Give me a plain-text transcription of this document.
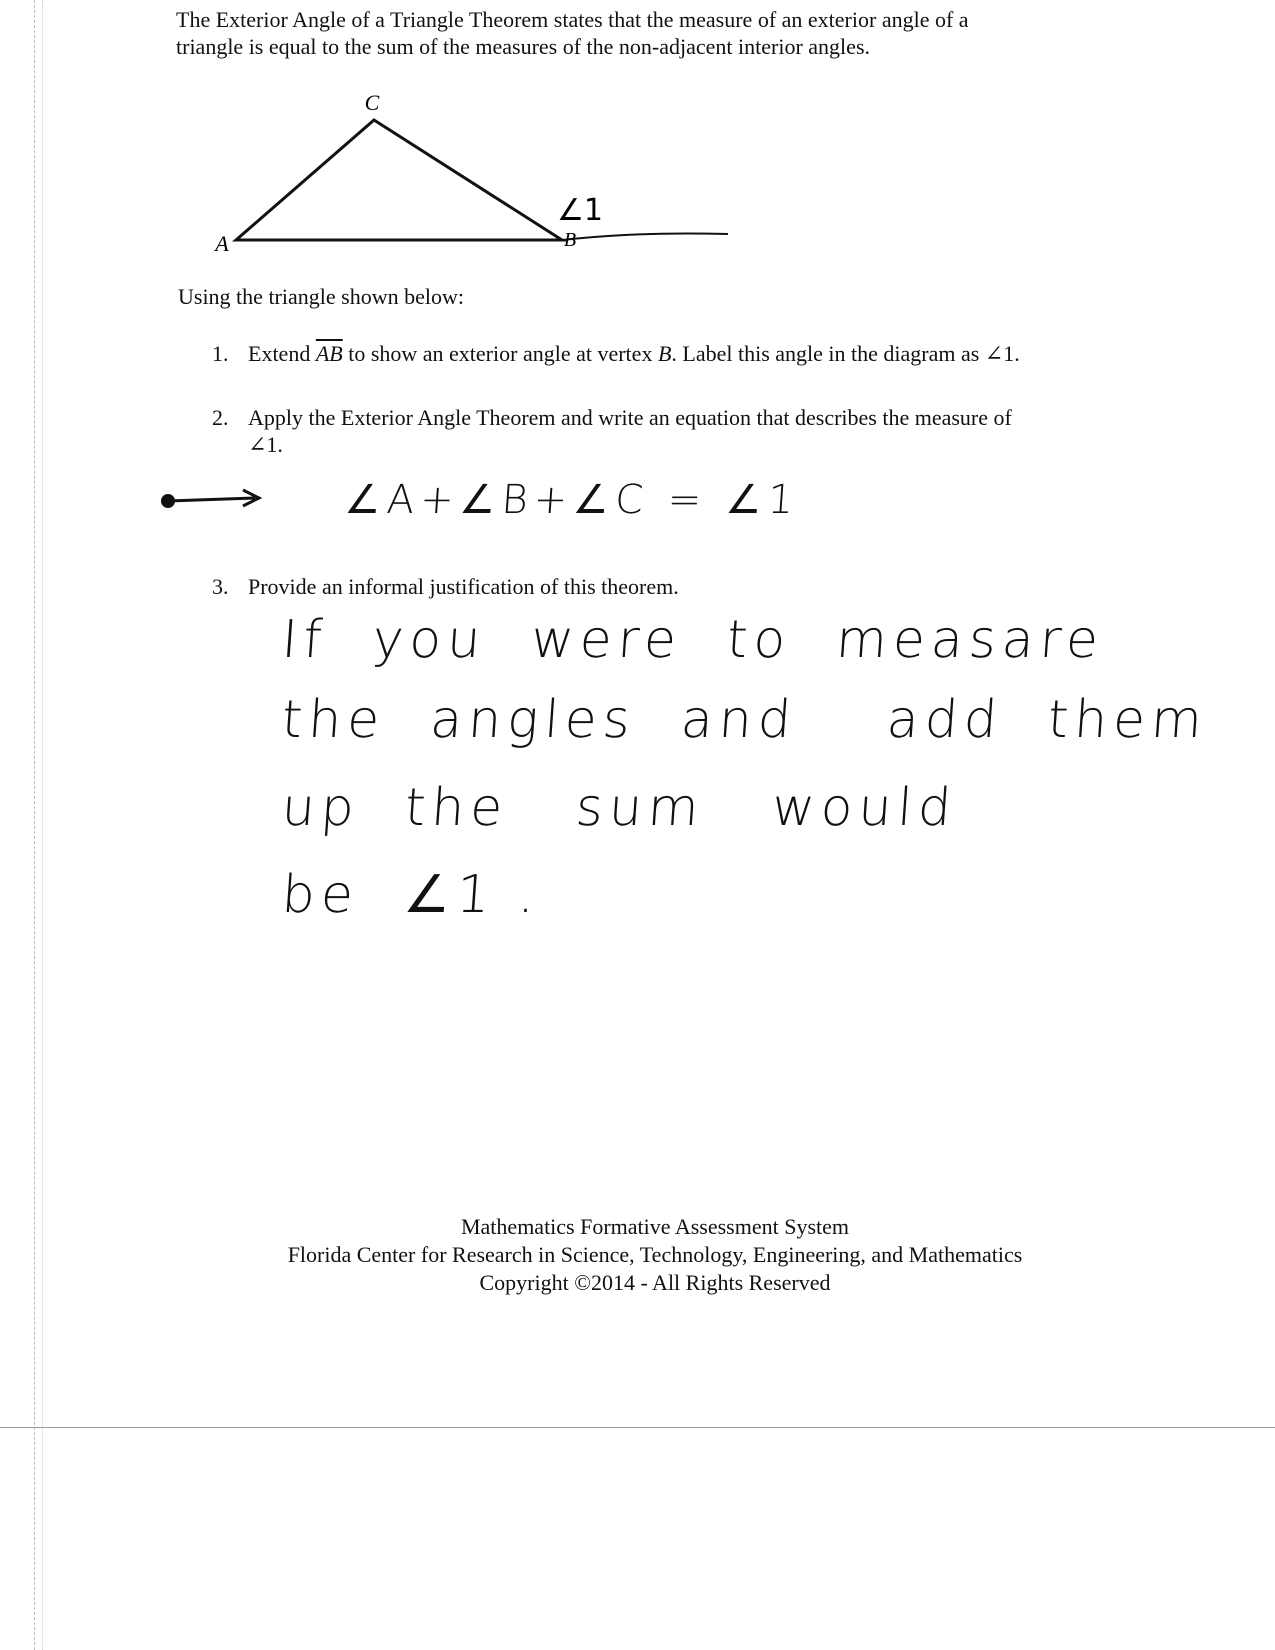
The Exterior Angle of a Triangle Theorem states that the measure of an exterior angle of a
triangle is equal to the sum of the measures of the non-adjacent interior angles.
C
A	B
∠1
Using the triangle shown below:
1. Extend $\overline{AB}$ to show an exterior angle at vertex B. Label this angle in the diagram as ∠1.
2. Apply the Exterior Angle Theorem and write an equation that describes the measure of
∠1.
∠A+∠B+∠C = ∠1
3. Provide an informal justification of this theorem.
If  you  were  to  measare
the  angles  and    add  them
up  the   sum   would
be  ∠1 .
Mathematics Formative Assessment System
Florida Center for Research in Science, Technology, Engineering, and Mathematics
Copyright ©2014 - All Rights Reserved
